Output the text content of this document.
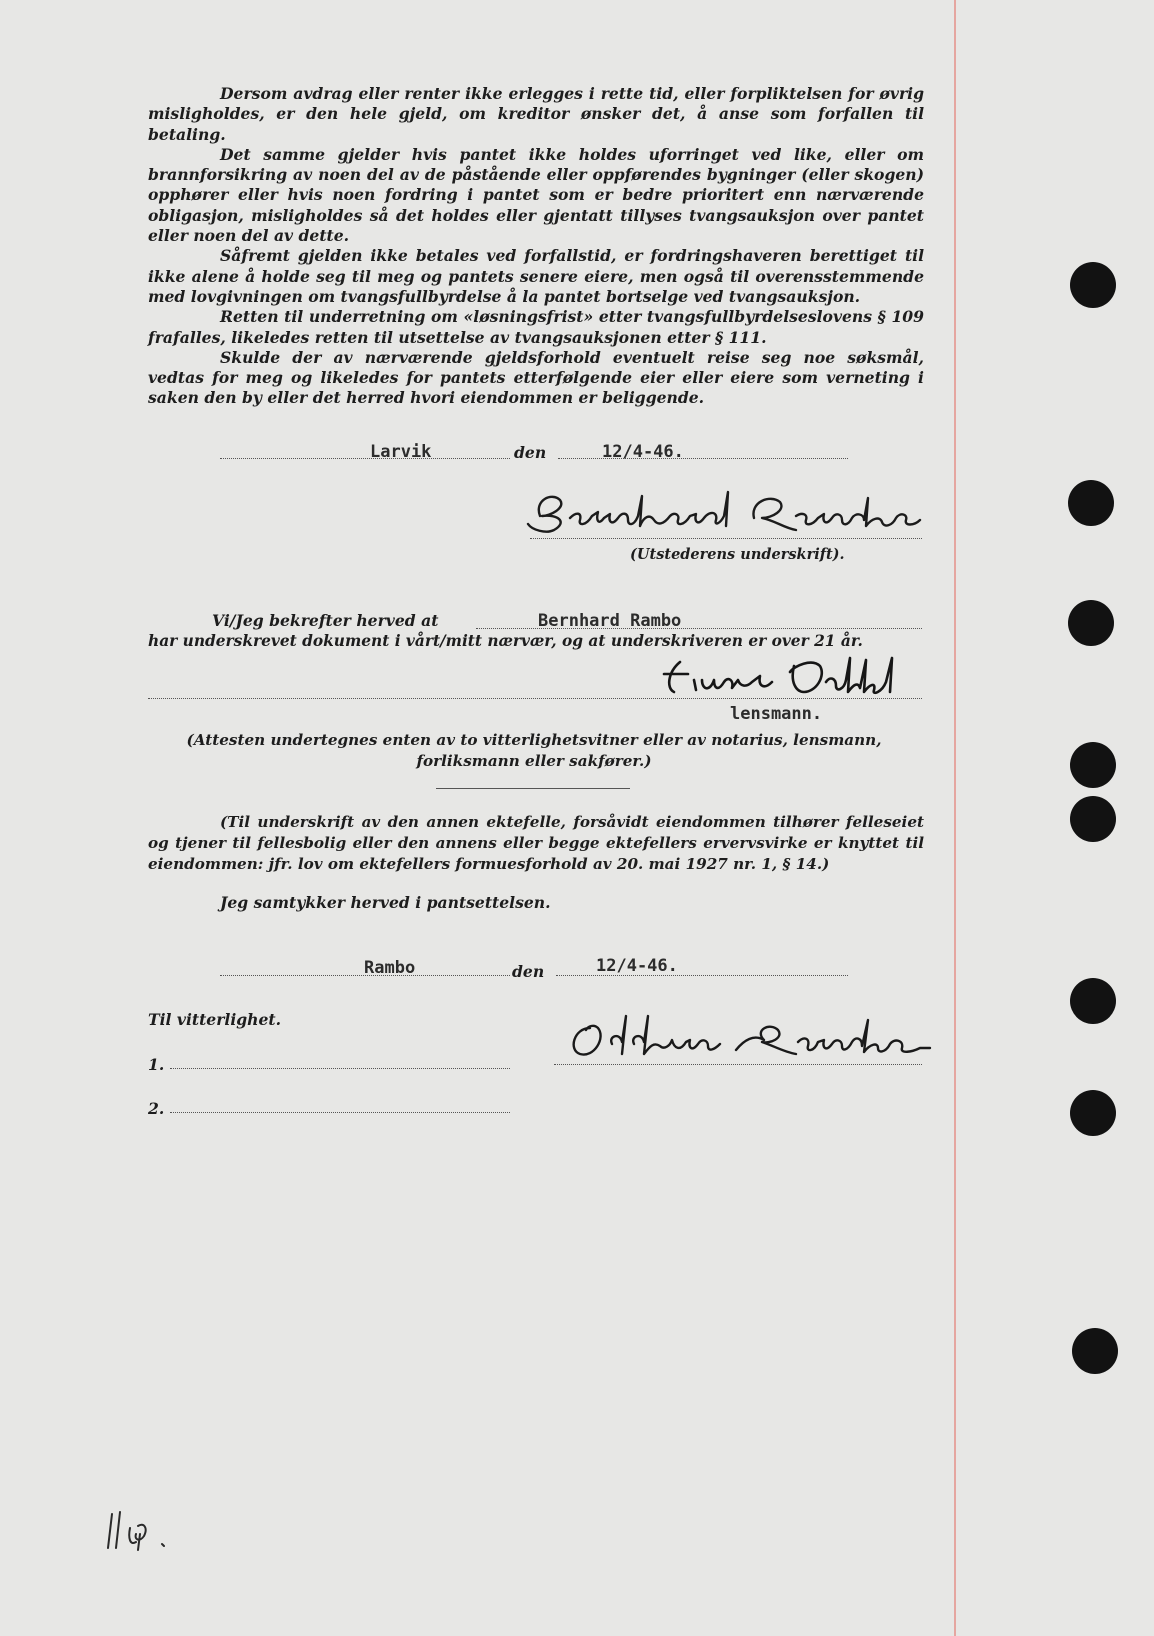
Dersom avdrag eller renter ikke erlegges i rette tid, eller forpliktelsen for øvrig misligholdes, er den hele gjeld, om kreditor ønsker det, å anse som forfallen til betaling.

Det samme gjelder hvis pantet ikke holdes uforringet ved like, eller om brannforsikring av noen del av de påstående eller oppførendes bygninger (eller skogen) opphører eller hvis noen fordring i pantet som er bedre prioritert enn nærværende obligasjon, misligholdes så det holdes eller gjentatt tillyses tvangsauksjon over pantet eller noen del av dette.

Såfremt gjelden ikke betales ved forfallstid, er fordringshaveren berettiget til ikke alene å holde seg til meg og pantets senere eiere, men også til overensstemmende med lovgivningen om tvangsfullbyrdelse å la pantet bortselge ved tvangsauksjon.

Retten til underretning om «løsningsfrist» etter tvangsfullbyrdelseslovens § 109 frafalles, likeledes retten til utsettelse av tvangsauksjonen etter § 111.

Skulde der av nærværende gjeldsforhold eventuelt reise seg noe søksmål, vedtas for meg og likeledes for pantets etterfølgende eier eller eiere som verneting i saken den by eller det herred hvori eiendommen er beliggende.

Larvik	den	12/4-46.
(Utstederens underskrift).
Vi/Jeg bekrefter herved at	Bernhard Rambo
har underskrevet dokument i vårt/mitt nærvær, og at underskriveren er over 21 år.
lensmann.
(Attesten undertegnes enten av to vitterlighetsvitner eller av notarius, lensmann, forliksmann eller sakfører.)
(Til underskrift av den annen ektefelle, forsåvidt eiendommen tilhører felleseiet og tjener til fellesbolig eller den annens eller begge ektefellers ervervsvirke er knyttet til eiendommen: jfr. lov om ektefellers formuesforhold av 20. mai 1927 nr. 1, § 14.)
Jeg samtykker herved i pantsettelsen.
Rambo	den	12/4-46.
Til vitterlighet.
1.
2.
